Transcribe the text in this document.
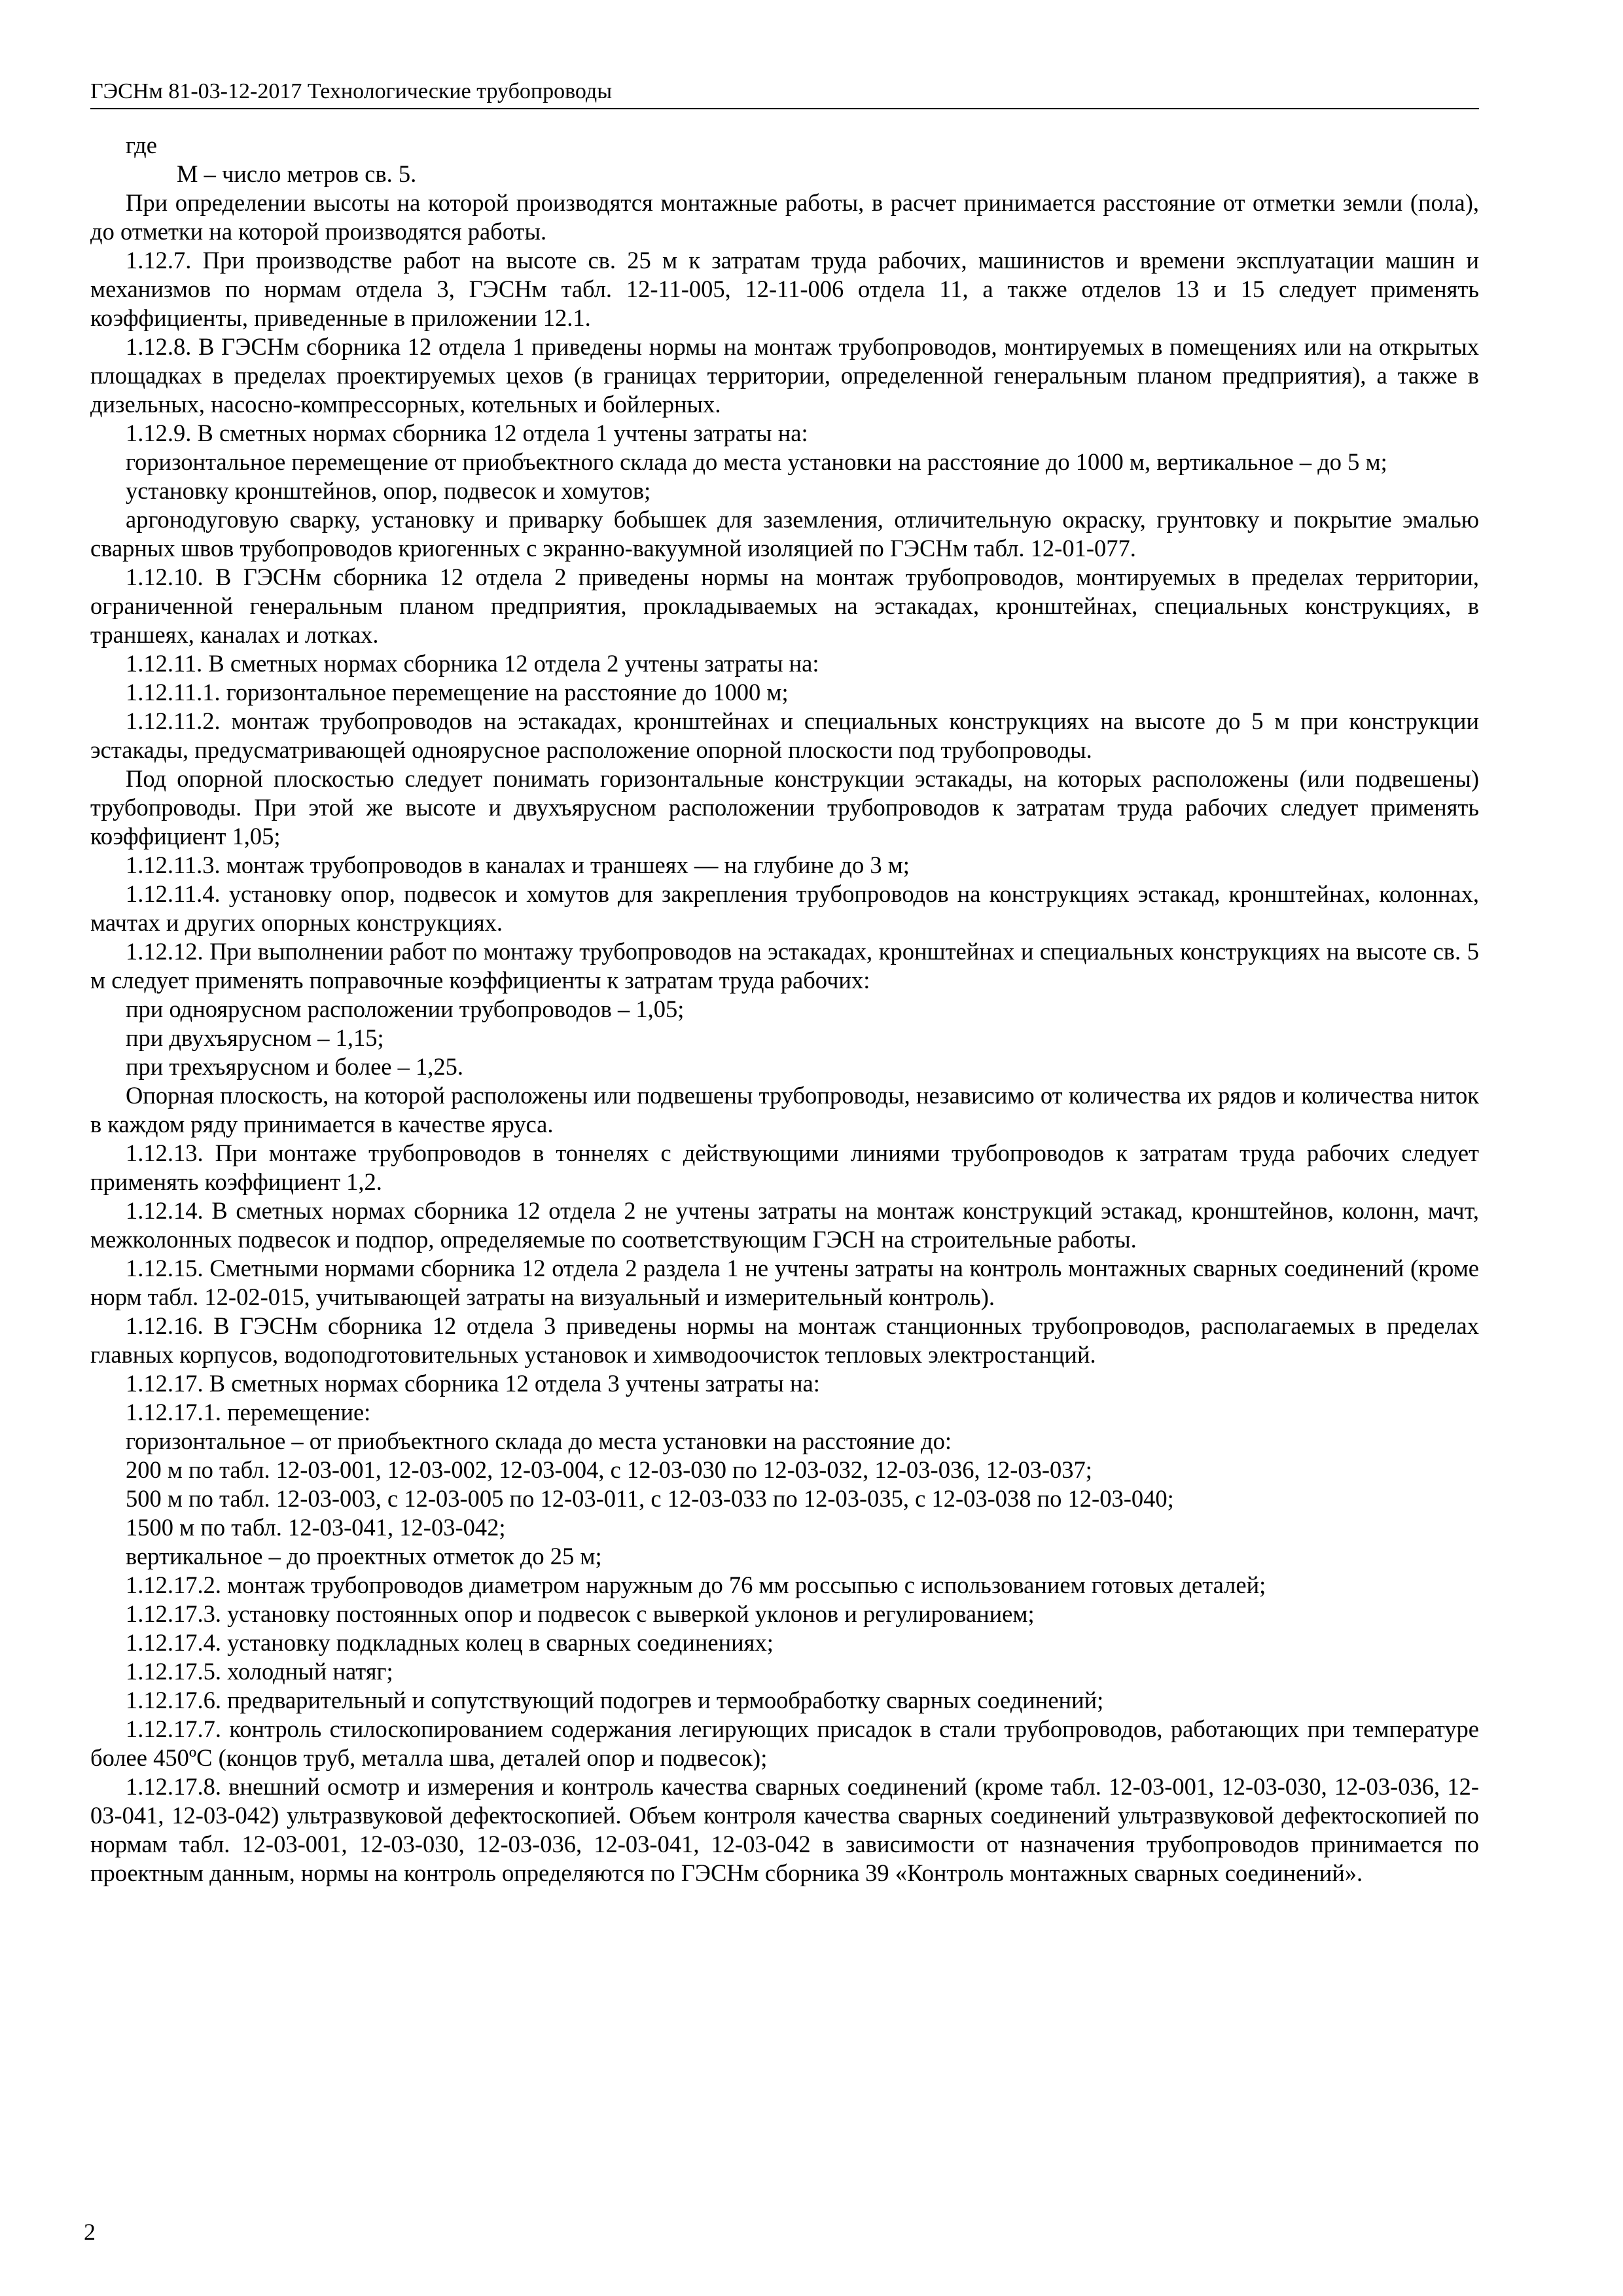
ГЭСНм 81-03-12-2017 Технологические трубопроводы

где

М – число метров св. 5.

При определении высоты на которой производятся монтажные работы, в расчет принимается расстояние от отметки земли (пола), до отметки на которой производятся работы.

1.12.7. При производстве работ на высоте св. 25 м к затратам труда рабочих, машинистов и времени эксплуатации машин и механизмов по нормам отдела 3, ГЭСНм табл. 12-11-005, 12-11-006 отдела 11, а также отделов 13 и 15 следует применять коэффициенты, приведенные в приложении 12.1.

1.12.8. В ГЭСНм сборника 12 отдела 1 приведены нормы на монтаж трубопроводов, монтируемых в помещениях или на открытых площадках в пределах проектируемых цехов (в границах территории, определенной генеральным планом предприятия), а также в дизельных, насосно-компрессорных, котельных и бойлерных.

1.12.9. В сметных нормах сборника 12 отдела 1 учтены затраты на:

горизонтальное перемещение от приобъектного склада до места установки на расстояние до 1000 м, вертикальное – до 5 м;

установку кронштейнов, опор, подвесок и хомутов;

аргонодуговую сварку, установку и приварку бобышек для заземления, отличительную окраску, грунтовку и покрытие эмалью сварных швов трубопроводов криогенных с экранно-вакуумной изоляцией по ГЭСНм табл. 12-01-077.

1.12.10. В ГЭСНм сборника 12 отдела 2 приведены нормы на монтаж трубопроводов, монтируемых в пределах территории, ограниченной генеральным планом предприятия, прокладываемых на эстакадах, кронштейнах, специальных конструкциях, в траншеях, каналах и лотках.

1.12.11. В сметных нормах сборника 12 отдела 2 учтены затраты на:

1.12.11.1. горизонтальное перемещение на расстояние до 1000 м;

1.12.11.2. монтаж трубопроводов на эстакадах, кронштейнах и специальных конструкциях на высоте до 5 м при конструкции эстакады, предусматривающей одноярусное расположение опорной плоскости под трубопроводы.

Под опорной плоскостью следует понимать горизонтальные конструкции эстакады, на которых расположены (или подвешены) трубопроводы. При этой же высоте и двухъярусном расположении трубопроводов к затратам труда рабочих следует применять коэффициент 1,05;

1.12.11.3. монтаж трубопроводов в каналах и траншеях — на глубине до 3 м;

1.12.11.4. установку опор, подвесок и хомутов для закрепления трубопроводов на конструкциях эстакад, кронштейнах, колоннах, мачтах и других опорных конструкциях.

1.12.12. При выполнении работ по монтажу трубопроводов на эстакадах, кронштейнах и специальных конструкциях на высоте св. 5 м следует применять поправочные коэффициенты к затратам труда рабочих:

при одноярусном расположении трубопроводов – 1,05;

при двухъярусном – 1,15;

при трехъярусном и более – 1,25.

Опорная плоскость, на которой расположены или подвешены трубопроводы, независимо от количества их рядов и количества ниток в каждом ряду принимается в качестве яруса.

1.12.13. При монтаже трубопроводов в тоннелях с действующими линиями трубопроводов к затратам труда рабочих следует применять коэффициент 1,2.

1.12.14. В сметных нормах сборника 12 отдела 2 не учтены затраты на монтаж конструкций эстакад, кронштейнов, колонн, мачт, межколонных подвесок и подпор, определяемые по соответствующим ГЭСН на строительные работы.

1.12.15. Сметными нормами сборника 12 отдела 2 раздела 1 не учтены затраты на контроль монтажных сварных соединений (кроме норм табл. 12-02-015, учитывающей затраты на визуальный и измерительный контроль).

1.12.16. В ГЭСНм сборника 12 отдела 3 приведены нормы на монтаж станционных трубопроводов, располагаемых в пределах главных корпусов, водоподготовительных установок и химводоочисток тепловых электростанций.

1.12.17. В сметных нормах сборника 12 отдела 3 учтены затраты на:

1.12.17.1. перемещение:

горизонтальное – от приобъектного склада до места установки на расстояние до:

200 м по табл. 12-03-001, 12-03-002, 12-03-004, с 12-03-030 по 12-03-032, 12-03-036, 12-03-037;

500 м по табл. 12-03-003, с 12-03-005 по 12-03-011, с 12-03-033 по 12-03-035, с 12-03-038 по 12-03-040;

1500 м по табл. 12-03-041, 12-03-042;

вертикальное – до проектных отметок до 25 м;

1.12.17.2. монтаж трубопроводов диаметром наружным до 76 мм россыпью с использованием готовых деталей;

1.12.17.3. установку постоянных опор и подвесок с выверкой уклонов и регулированием;

1.12.17.4. установку подкладных колец в сварных соединениях;

1.12.17.5. холодный натяг;

1.12.17.6. предварительный и сопутствующий подогрев и термообработку сварных соединений;

1.12.17.7. контроль стилоскопированием содержания легирующих присадок в стали трубопроводов, работающих при температуре более 450ºС (концов труб, металла шва, деталей опор и подвесок);

1.12.17.8. внешний осмотр и измерения и контроль качества сварных соединений (кроме табл. 12-03-001, 12-03-030, 12-03-036, 12-03-041, 12-03-042) ультразвуковой дефектоскопией. Объем контроля качества сварных соединений ультразвуковой дефектоскопией по нормам табл. 12-03-001, 12-03-030, 12-03-036, 12-03-041, 12-03-042 в зависимости от назначения трубопроводов принимается по проектным данным, нормы на контроль определяются по ГЭСНм сборника 39 «Контроль монтажных сварных соединений».

2
